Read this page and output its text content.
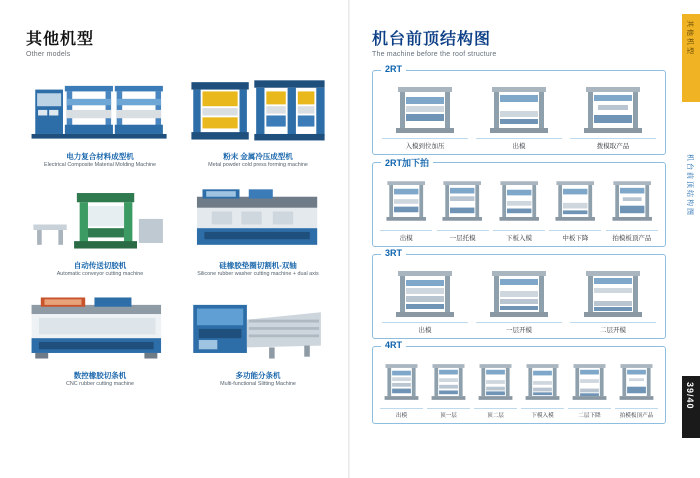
其他机型
Other models
电力复合材料成型机
Electrical Composite Material Molding Machine
粉末 金属冷压成型机
Metal powder cold press forming machine
自动传送切胶机
Automatic conveyor cutting machine
硅橡胶垫圈切割机-双轴
Silicone rubber washer cutting machine + dual axis
数控橡胶切条机
CNC rubber cutting machine
多功能分条机
Multi-functional Slitting Machine
机台前顶结构图
The machine before the roof structure
2RT
入模到位加压	出模	拨模取产品
2RT加下拍
出模	一层托模	下板入模	中板下降	拍模板顶产品
3RT
出模	一层开模	二层开模
4RT
出模	顶一层	顶二层	下模入模	二层下降	拍模板顶产品
其他机型
机台前顶结构图
39/40
